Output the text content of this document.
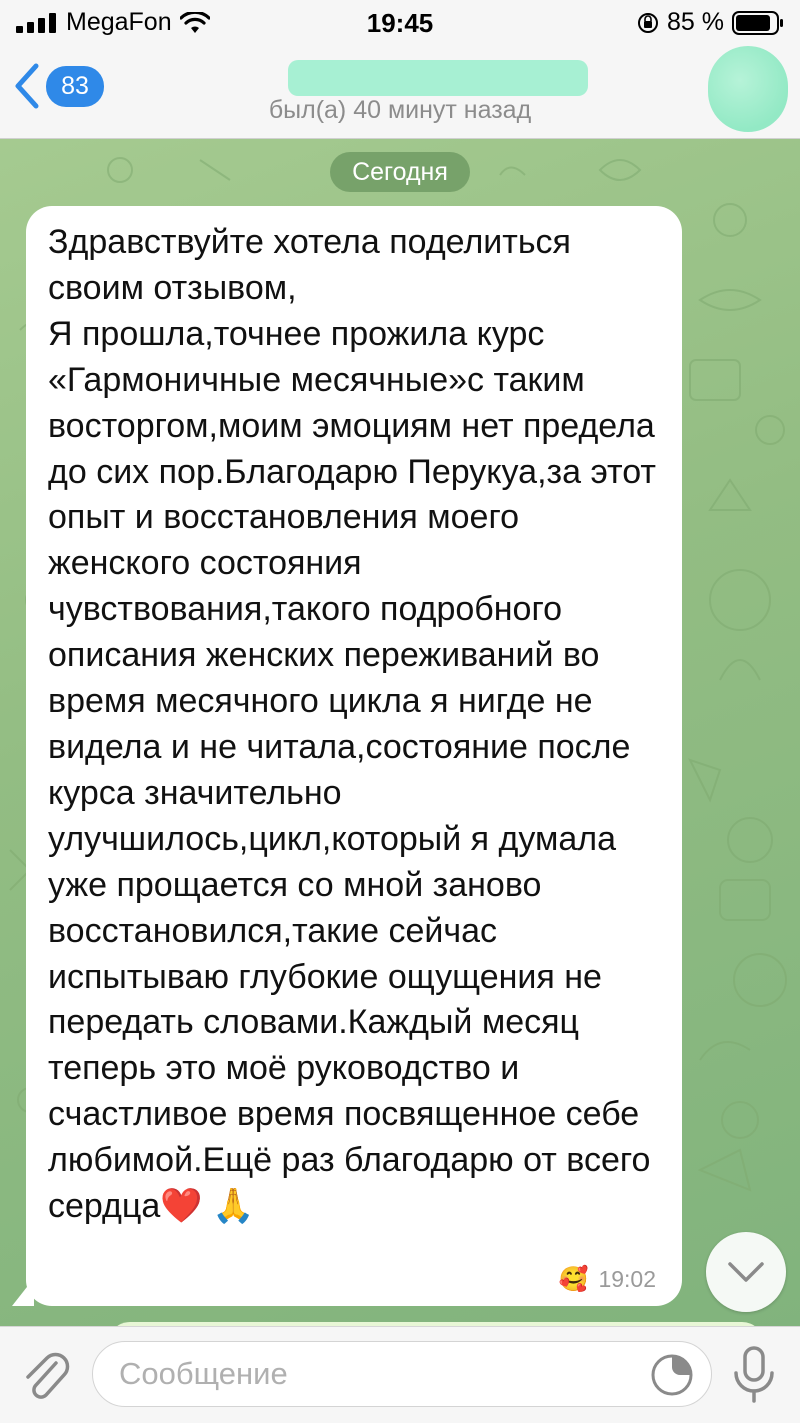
MegaFon	19:45	85 %
83
был(а) 40 минут назад
Сегодня
Здравствуйте хотела поделиться своим отзывом,
Я прошла,точнее прожила курс «Гармоничные месячные»с таким восторгом,моим эмоциям нет предела до сих пор.Благодарю Перукуа,за этот опыт и восстановления моего женского состояния чувствования,такого подробного описания женских переживаний во время месячного цикла я нигде не видела и не читала,состояние после курса значительно улучшилось,цикл,который я думала уже прощается со мной заново восстановился,такие сейчас испытываю глубокие ощущения не передать словами.Каждый месяц теперь это моё руководство и счастливое время посвященное себе любимой.Ещё раз благодарю от всего сердца❤️ 🙏
🥰 19:02
Сообщение
